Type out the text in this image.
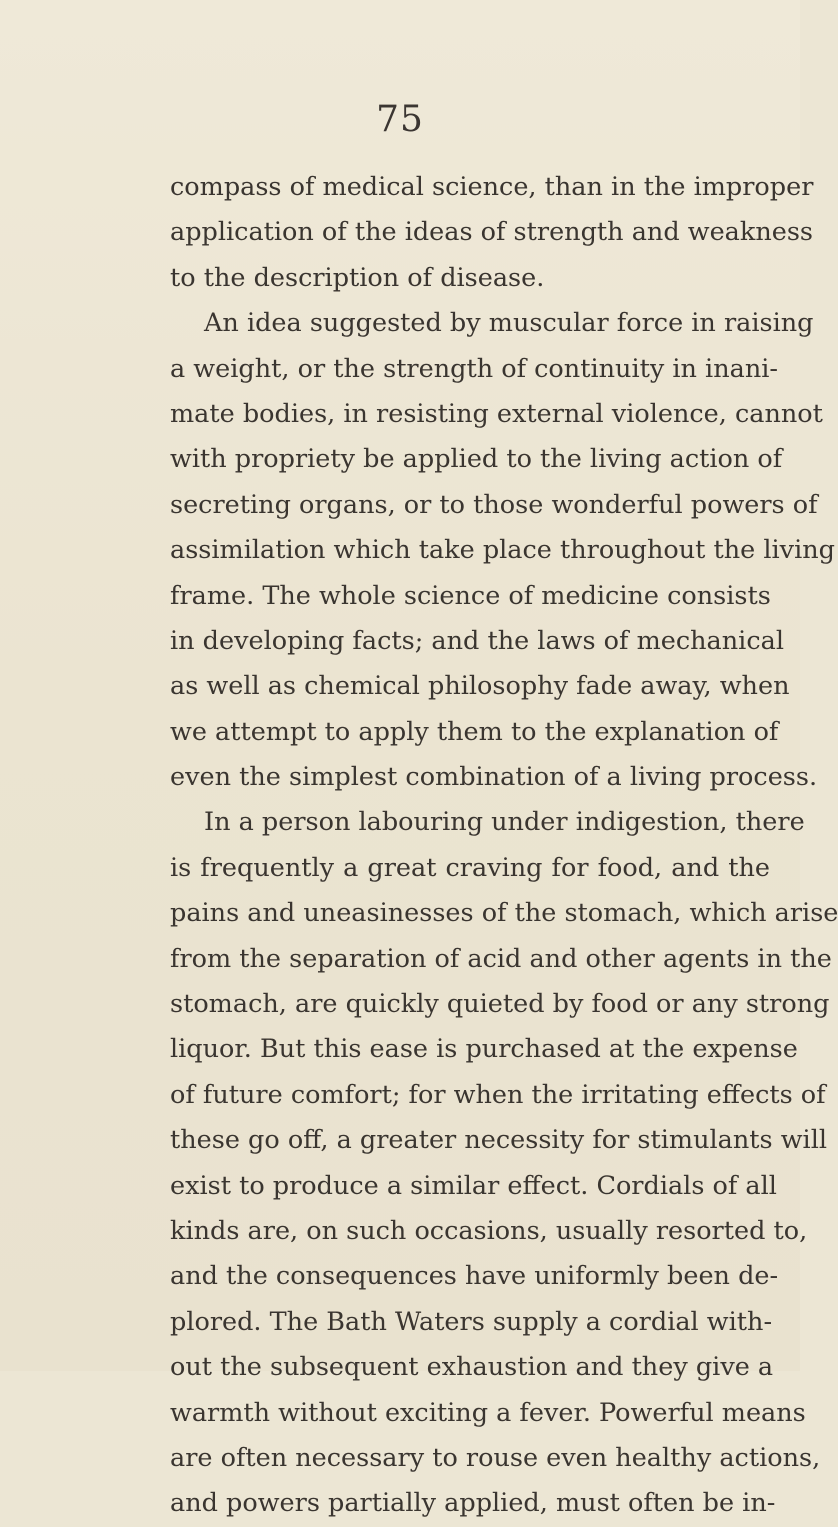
75
compass of medical science, than in the improper
application of the ideas of strength and weakness
to the description of disease.
An idea suggested by muscular force in raising
a weight, or the strength of continuity in inani-
mate bodies, in resisting external violence, cannot
with propriety be applied to the living action of
secreting organs, or to those wonderful powers of
assimilation which take place throughout the living
frame. The whole science of medicine consists
in developing facts; and the laws of mechanical
as well as chemical philosophy fade away, when
we attempt to apply them to the explanation of
even the simplest combination of a living process.
In a person labouring under indigestion, there
is frequently a great craving for food, and the
pains and uneasinesses of the stomach, which arise
from the separation of acid and other agents in the
stomach, are quickly quieted by food or any strong
liquor. But this ease is purchased at the expense
of future comfort; for when the irritating effects of
these go off, a greater necessity for stimulants will
exist to produce a similar effect. Cordials of all
kinds are, on such occasions, usually resorted to,
and the consequences have uniformly been de-
plored. The Bath Waters supply a cordial with-
out the subsequent exhaustion and they give a
warmth without exciting a fever. Powerful means
are often necessary to rouse even healthy actions,
and powers partially applied, must often be in-
